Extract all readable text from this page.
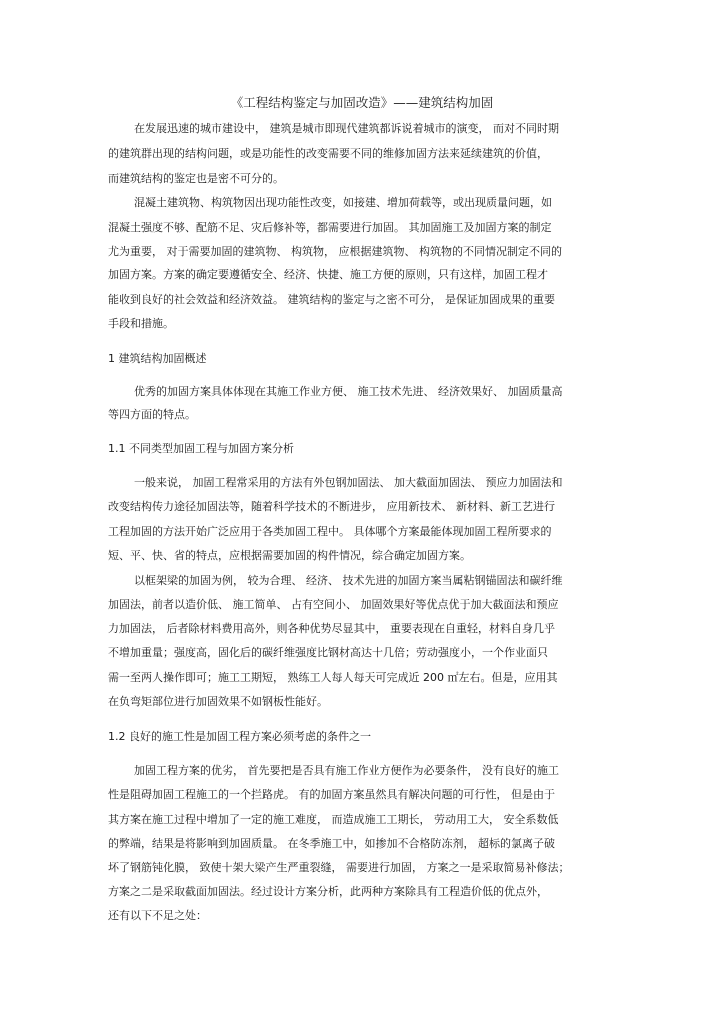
《工程结构鉴定与加固改造》——建筑结构加固
在发展迅速的城市建设中， 建筑是城市即现代建筑都诉说着城市的演变， 而对不同时期
的建筑群出现的结构问题，或是功能性的改变需要不同的维修加固方法来延续建筑的价值，
而建筑结构的鉴定也是密不可分的。
混凝土建筑物、构筑物因出现功能性改变，如接建、增加荷载等，或出现质量问题，如
混凝土强度不够、配筋不足、灾后修补等，都需要进行加固。 其加固施工及加固方案的制定
尤为重要， 对于需要加固的建筑物、 构筑物， 应根据建筑物、 构筑物的不同情况制定不同的
加固方案。方案的确定要遵循安全、经济、快捷、施工方便的原则，只有这样，加固工程才
能收到良好的社会效益和经济效益。 建筑结构的鉴定与之密不可分， 是保证加固成果的重要
手段和措施。
1 建筑结构加固概述
优秀的加固方案具体体现在其施工作业方便、 施工技术先进、 经济效果好、 加固质量高
等四方面的特点。
1.1 不同类型加固工程与加固方案分析
一般来说， 加固工程常采用的方法有外包钢加固法、 加大截面加固法、 预应力加固法和
改变结构传力途径加固法等，随着科学技术的不断进步， 应用新技术、 新材料、新工艺进行
工程加固的方法开始广泛应用于各类加固工程中。 具体哪个方案最能体现加固工程所要求的
短、平、快、省的特点，应根据需要加固的构件情况，综合确定加固方案。
以框架梁的加固为例， 较为合理、 经济、 技术先进的加固方案当属粘钢锚固法和碳纤维
加固法，前者以造价低、 施工简单、 占有空间小、 加固效果好等优点优于加大截面法和预应
力加固法， 后者除材料费用高外，则各种优势尽显其中， 重要表现在自重轻，材料自身几乎
不增加重量；强度高，固化后的碳纤维强度比钢材高达十几倍；劳动强度小，一个作业面只
需一至两人操作即可；施工工期短， 熟练工人每人每天可完成近 200 ㎡左右。但是，应用其
在负弯矩部位进行加固效果不如钢板性能好。
1.2 良好的施工性是加固工程方案必须考虑的条件之一
加固工程方案的优劣， 首先要把是否具有施工作业方便作为必要条件， 没有良好的施工
性是阻碍加固工程施工的一个拦路虎。 有的加固方案虽然具有解决问题的可行性， 但是由于
其方案在施工过程中增加了一定的施工难度， 而造成施工工期长， 劳动用工大， 安全系数低
的弊端，结果是将影响到加固质量。 在冬季施工中，如掺加不合格防冻剂， 超标的氯离子破
坏了钢筋钝化膜， 致使十架大梁产生严重裂缝， 需要进行加固， 方案之一是采取简易补修法；
方案之二是采取截面加固法。经过设计方案分析，此两种方案除具有工程造价低的优点外，
还有以下不足之处：
